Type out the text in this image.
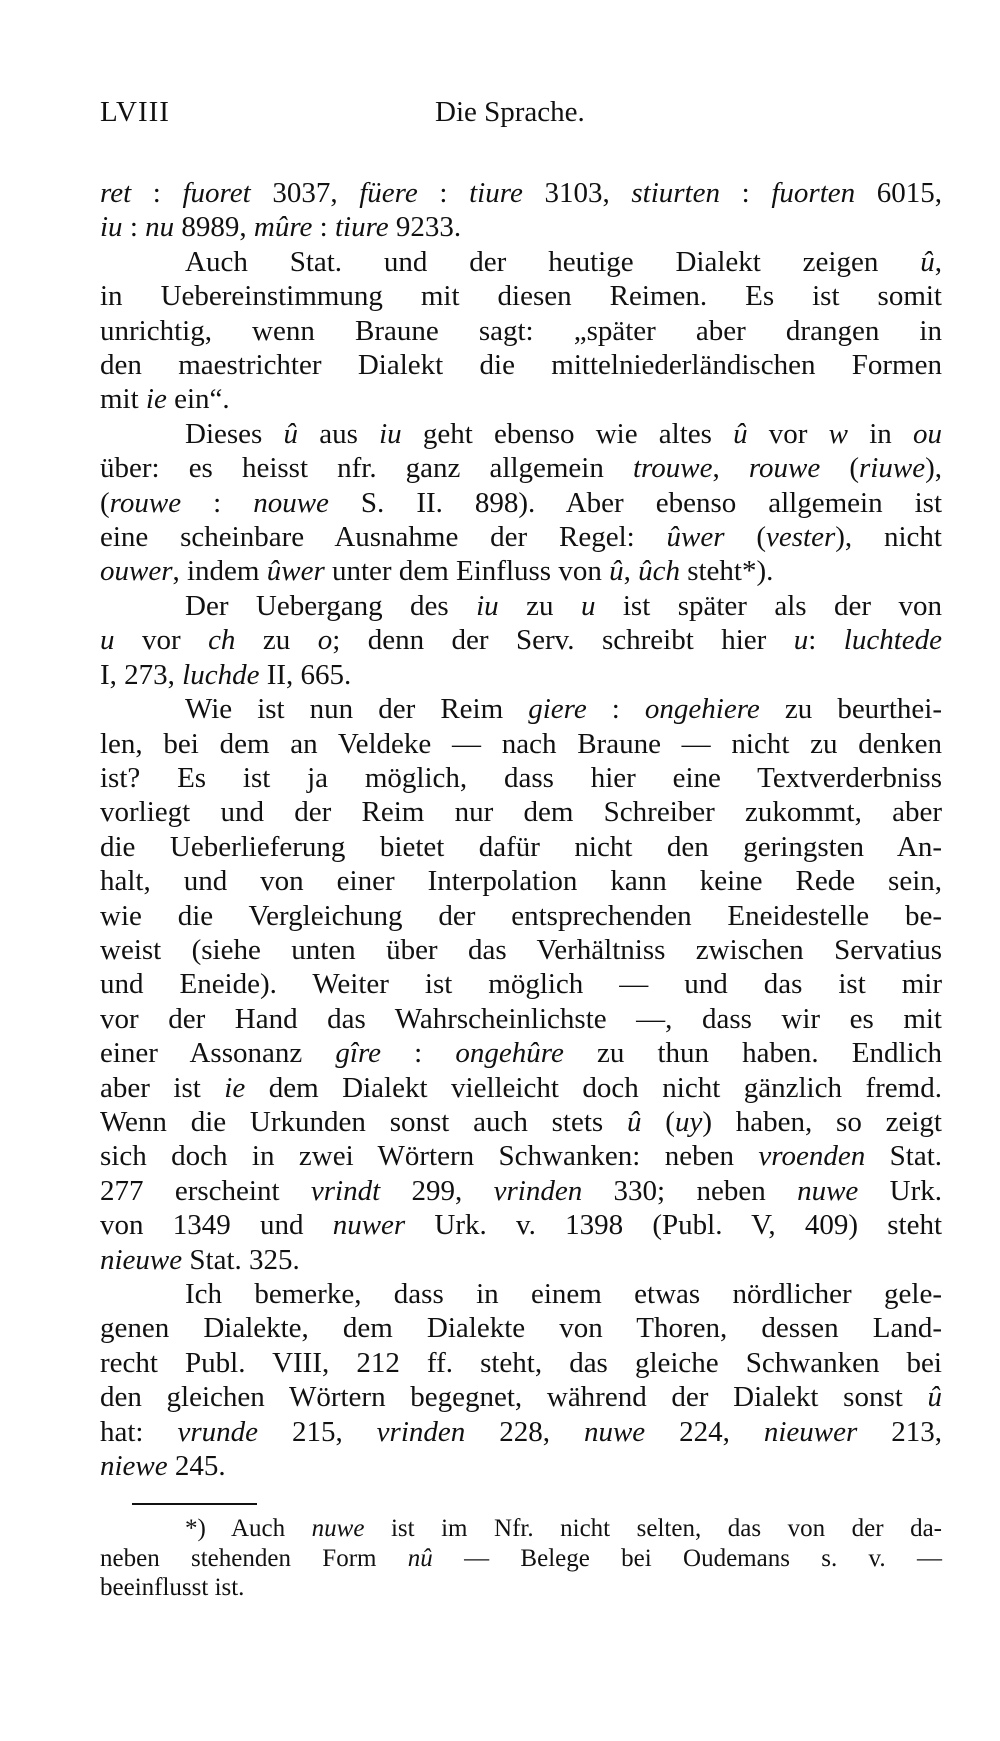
LVIII	Die Sprache.

ret : fuoret 3037, füere : tiure 3103, stiurten : fuorten 6015,
iu : nu 8989, mûre : tiure 9233.

Auch Stat. und der heutige Dialekt zeigen û,
in Uebereinstimmung mit diesen Reimen. Es ist somit
unrichtig, wenn Braune sagt: „später aber drangen in
den maestrichter Dialekt die mittelniederländischen Formen
mit ie ein“.

Dieses û aus iu geht ebenso wie altes û vor w in ou
über: es heisst nfr. ganz allgemein trouwe, rouwe (riuwe),
(rouwe : nouwe S. II. 898). Aber ebenso allgemein ist
eine scheinbare Ausnahme der Regel: ûwer (vester), nicht
ouwer, indem ûwer unter dem Einfluss von û, ûch steht*).

Der Uebergang des iu zu u ist später als der von
u vor ch zu o; denn der Serv. schreibt hier u: luchtede
I, 273, luchde II, 665.

Wie ist nun der Reim giere : ongehiere zu beurthei-
len, bei dem an Veldeke — nach Braune — nicht zu denken
ist? Es ist ja möglich, dass hier eine Textverderbniss
vorliegt und der Reim nur dem Schreiber zukommt, aber
die Ueberlieferung bietet dafür nicht den geringsten An-
halt, und von einer Interpolation kann keine Rede sein,
wie die Vergleichung der entsprechenden Eneidestelle be-
weist (siehe unten über das Verhältniss zwischen Servatius
und Eneide). Weiter ist möglich — und das ist mir
vor der Hand das Wahrscheinlichste —, dass wir es mit
einer Assonanz gîre : ongehûre zu thun haben. Endlich
aber ist ie dem Dialekt vielleicht doch nicht gänzlich fremd.
Wenn die Urkunden sonst auch stets û (uy) haben, so zeigt
sich doch in zwei Wörtern Schwanken: neben vroenden Stat.
277 erscheint vrindt 299, vrinden 330; neben nuwe Urk.
von 1349 und nuwer Urk. v. 1398 (Publ. V, 409) steht
nieuwe Stat. 325.

Ich bemerke, dass in einem etwas nördlicher gele-
genen Dialekte, dem Dialekte von Thoren, dessen Land-
recht Publ. VIII, 212 ff. steht, das gleiche Schwanken bei
den gleichen Wörtern begegnet, während der Dialekt sonst û
hat: vrunde 215, vrinden 228, nuwe 224, nieuwer 213,
niewe 245.

*) Auch nuwe ist im Nfr. nicht selten, das von der da-
neben stehenden Form nû — Belege bei Oudemans s. v. —
beeinflusst ist.
